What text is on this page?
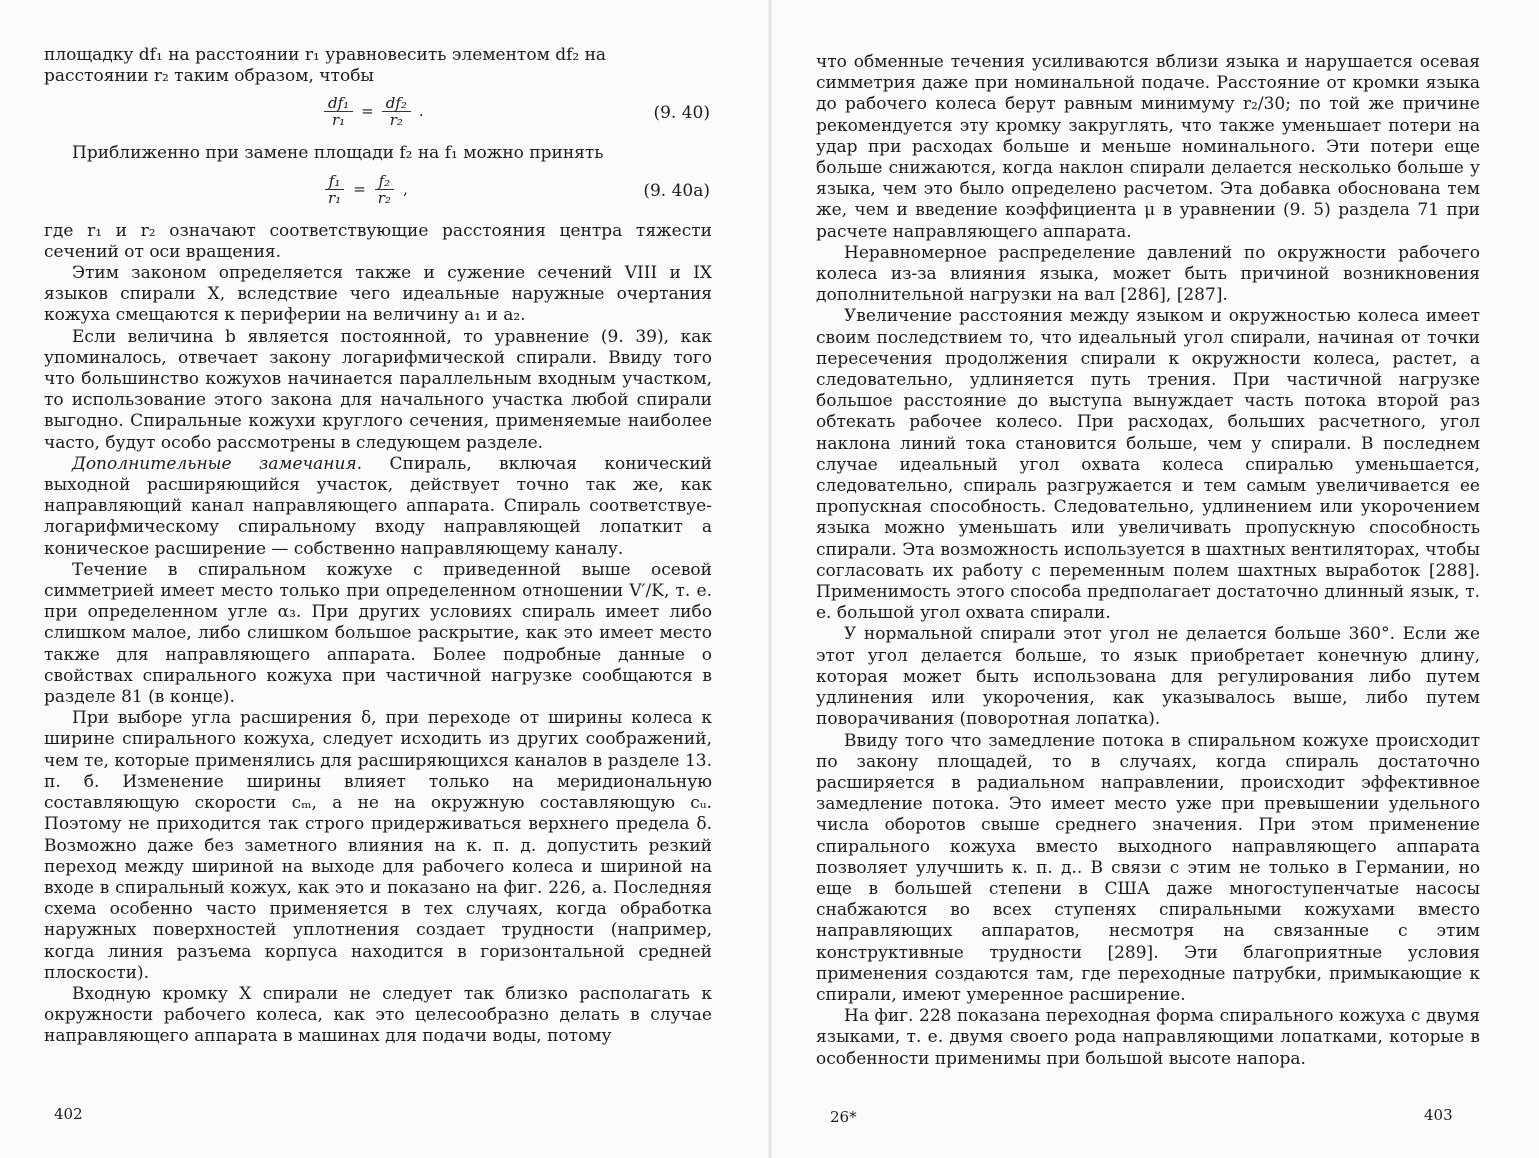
площадку df₁ на расстоянии r₁ уравновесить элементом df₂ на

расстоянии r₂ таким образом, чтобы

$\frac{\text{df₁}}{\text{r₁}} = \frac{\text{df₂}}{\text{r₂}}$ .	(9. 40)

Приближенно при замене площади f₂ на f₁ можно принять

$\frac{\text{f₁}}{\text{r₁}} = \frac{\text{f₂}}{\text{r₂}}$ ,	(9. 40а)

где r₁ и r₂ означают соответствующие расстояния центра тяжести сечений от оси вращения.

Этим законом определяется также и сужение сечений VIII и IX языков спирали X, вследствие чего идеальные наружные очертания кожуха смещаются к периферии на величину a₁ и a₂.

Если величина b является постоянной, то уравнение (9. 39), как упоминалось, отвечает закону логарифмической спирали. Ввиду того что большинство кожухов начинается параллельным входным участком, то использование этого закона для начального участка любой спирали выгодно. Спиральные кожухи круглого сечения, применяемые наиболее часто, будут особо рассмотрены в следующем разделе.

Дополнительные замечания. Спираль, включая конический выходной расширяющийся участок, действует точно так же, как направляющий канал направляющего аппарата. Спираль соответствуе- логарифмическому спиральному входу направляющей лопаткит а коническое расширение — собственно направляющему каналу.

Течение в спиральном кожухе с приведенной выше осевой симметрией имеет место только при определенном отношении V′/K, т. е. при определенном угле α₃. При других условиях спираль имеет либо слишком малое, либо слишком большое раскрытие, как это имеет место также для направляющего аппарата. Более подробные данные о свойствах спирального кожуха при частичной нагрузке сообщаются в разделе 81 (в конце).

При выборе угла расширения δ, при переходе от ширины колеса к ширине спирального кожуха, следует исходить из других соображений, чем те, которые применялись для расширяющихся каналов в разделе 13. п. б. Изменение ширины влияет только на меридиональную составляющую скорости cₘ, а не на окружную составляющую cᵤ. Поэтому не приходится так строго придерживаться верхнего предела δ. Возможно даже без заметного влияния на к. п. д. допустить резкий переход между шириной на выходе для рабочего колеса и шириной на входе в спиральный кожух, как это и показано на фиг. 226, а. Последняя схема особенно часто применяется в тех случаях, когда обработка наружных поверхностей уплотнения создает трудности (например, когда линия разъема корпуса находится в горизонтальной средней плоскости).

Входную кромку X спирали не следует так близко располагать к окружности рабочего колеса, как это целесообразно делать в случае направляющего аппарата в машинах для подачи воды, потому

402

что обменные течения усиливаются вблизи языка и нарушается осевая симметрия даже при номинальной подаче. Расстояние от кромки языка до рабочего колеса берут равным минимуму r₂/30; по той же причине рекомендуется эту кромку закруглять, что также уменьшает потери на удар при расходах больше и меньше номинального. Эти потери еще больше снижаются, когда наклон спирали делается несколько больше у языка, чем это было определено расчетом. Эта добавка обоснована тем же, чем и введение коэффициента μ в уравнении (9. 5) раздела 71 при расчете направляющего аппарата.

Неравномерное распределение давлений по окружности рабочего колеса из-за влияния языка, может быть причиной возникновения дополнительной нагрузки на вал [286], [287].

Увеличение расстояния между языком и окружностью колеса имеет своим последствием то, что идеальный угол спирали, начиная от точки пересечения продолжения спирали к окружности колеса, растет, а следовательно, удлиняется путь трения. При частичной нагрузке большое расстояние до выступа вынуждает часть потока второй раз обтекать рабочее колесо. При расходах, больших расчетного, угол наклона линий тока становится больше, чем у спирали. В последнем случае идеальный угол охвата колеса спиралью уменьшается, следовательно, спираль разгружается и тем самым увеличивается ее пропускная способность. Следовательно, удлинением или укорочением языка можно уменьшать или увеличивать пропускную способность спирали. Эта возможность используется в шахтных вентиляторах, чтобы согласовать их работу с переменным полем шахтных выработок [288]. Применимость этого способа предполагает достаточно длинный язык, т. е. большой угол охвата спирали.

У нормальной спирали этот угол не делается больше 360°. Если же этот угол делается больше, то язык приобретает конечную длину, которая может быть использована для регулирования либо путем удлинения или укорочения, как указывалось выше, либо путем поворачивания (поворотная лопатка).

Ввиду того что замедление потока в спиральном кожухе происходит по закону площадей, то в случаях, когда спираль достаточно расширяется в радиальном направлении, происходит эффективное замедление потока. Это имеет место уже при превышении удельного числа оборотов свыше среднего значения. При этом применение спирального кожуха вместо выходного направляющего аппарата позволяет улучшить к. п. д.. В связи с этим не только в Германии, но еще в большей степени в США даже многоступенчатые насосы снабжаются во всех ступенях спиральными кожухами вместо направляющих аппаратов, несмотря на связанные с этим конструктивные трудности [289]. Эти благоприятные условия применения создаются там, где переходные патрубки, примыкающие к спирали, имеют умеренное расширение.

На фиг. 228 показана переходная форма спирального кожуха с двумя языками, т. е. двумя своего рода направляющими лопатками, которые в особенности применимы при большой высоте напора.

26*	403
